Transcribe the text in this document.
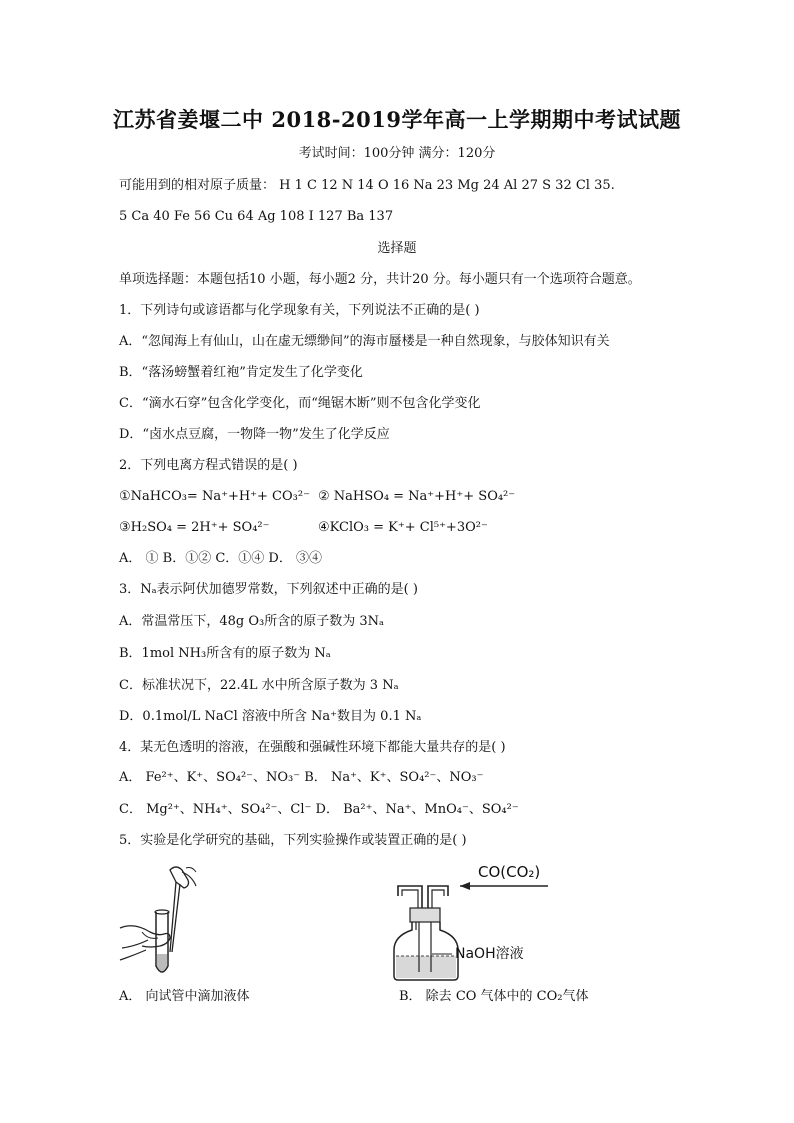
江苏省姜堰二中 2018-2019学年高一上学期期中考试试题
考试时间：100分钟 满分：120分
可能用到的相对原子质量： H 1 C 12 N 14 O 16 Na 23 Mg 24 Al 27 S 32 Cl 35.
5 Ca 40 Fe 56 Cu 64 Ag 108 I 127 Ba 137
选择题
单项选择题：本题包括10 小题，每小题2 分，共计20 分。每小题只有一个选项符合题意。
1．下列诗句或谚语都与化学现象有关，下列说法不正确的是( )
A．“忽闻海上有仙山，山在虚无缥缈间”的海市蜃楼是一种自然现象，与胶体知识有关
B．“落汤螃蟹着红袍”肯定发生了化学变化
C．“滴水石穿”包含化学变化，而“绳锯木断”则不包含化学变化
D．“卤水点豆腐，一物降一物”发生了化学反应
2．下列电离方程式错误的是( )
①NaHCO₃= Na⁺+H⁺+ CO₃²⁻ ② NaHSO₄ = Na⁺+H⁺+ SO₄²⁻
③H₂SO₄ = 2H⁺+ SO₄²⁻	④KClO₃ = K⁺+ Cl⁵⁺+3O²⁻
A． ① B．①② C．①④ D． ③④
3．Nₐ表示阿伏加德罗常数，下列叙述中正确的是( )
A．常温常压下，48g O₃所含的原子数为 3Nₐ
B．1mol NH₃所含有的原子数为 Nₐ
C．标准状况下，22.4L 水中所含原子数为 3 Nₐ
D．0.1mol/L NaCl 溶液中所含 Na⁺数目为 0.1 Nₐ
4．某无色透明的溶液，在强酸和强碱性环境下都能大量共存的是( )
A． Fe²⁺、K⁺、SO₄²⁻、NO₃⁻ B． Na⁺、K⁺、SO₄²⁻、NO₃⁻
C． Mg²⁺、NH₄⁺、SO₄²⁻、Cl⁻ D． Ba²⁺、Na⁺、MnO₄⁻、SO₄²⁻
5．实验是化学研究的基础，下列实验操作或装置正确的是( )
CO(CO₂)
NaOH溶液
A． 向试管中滴加液体	B． 除去 CO 气体中的 CO₂气体
